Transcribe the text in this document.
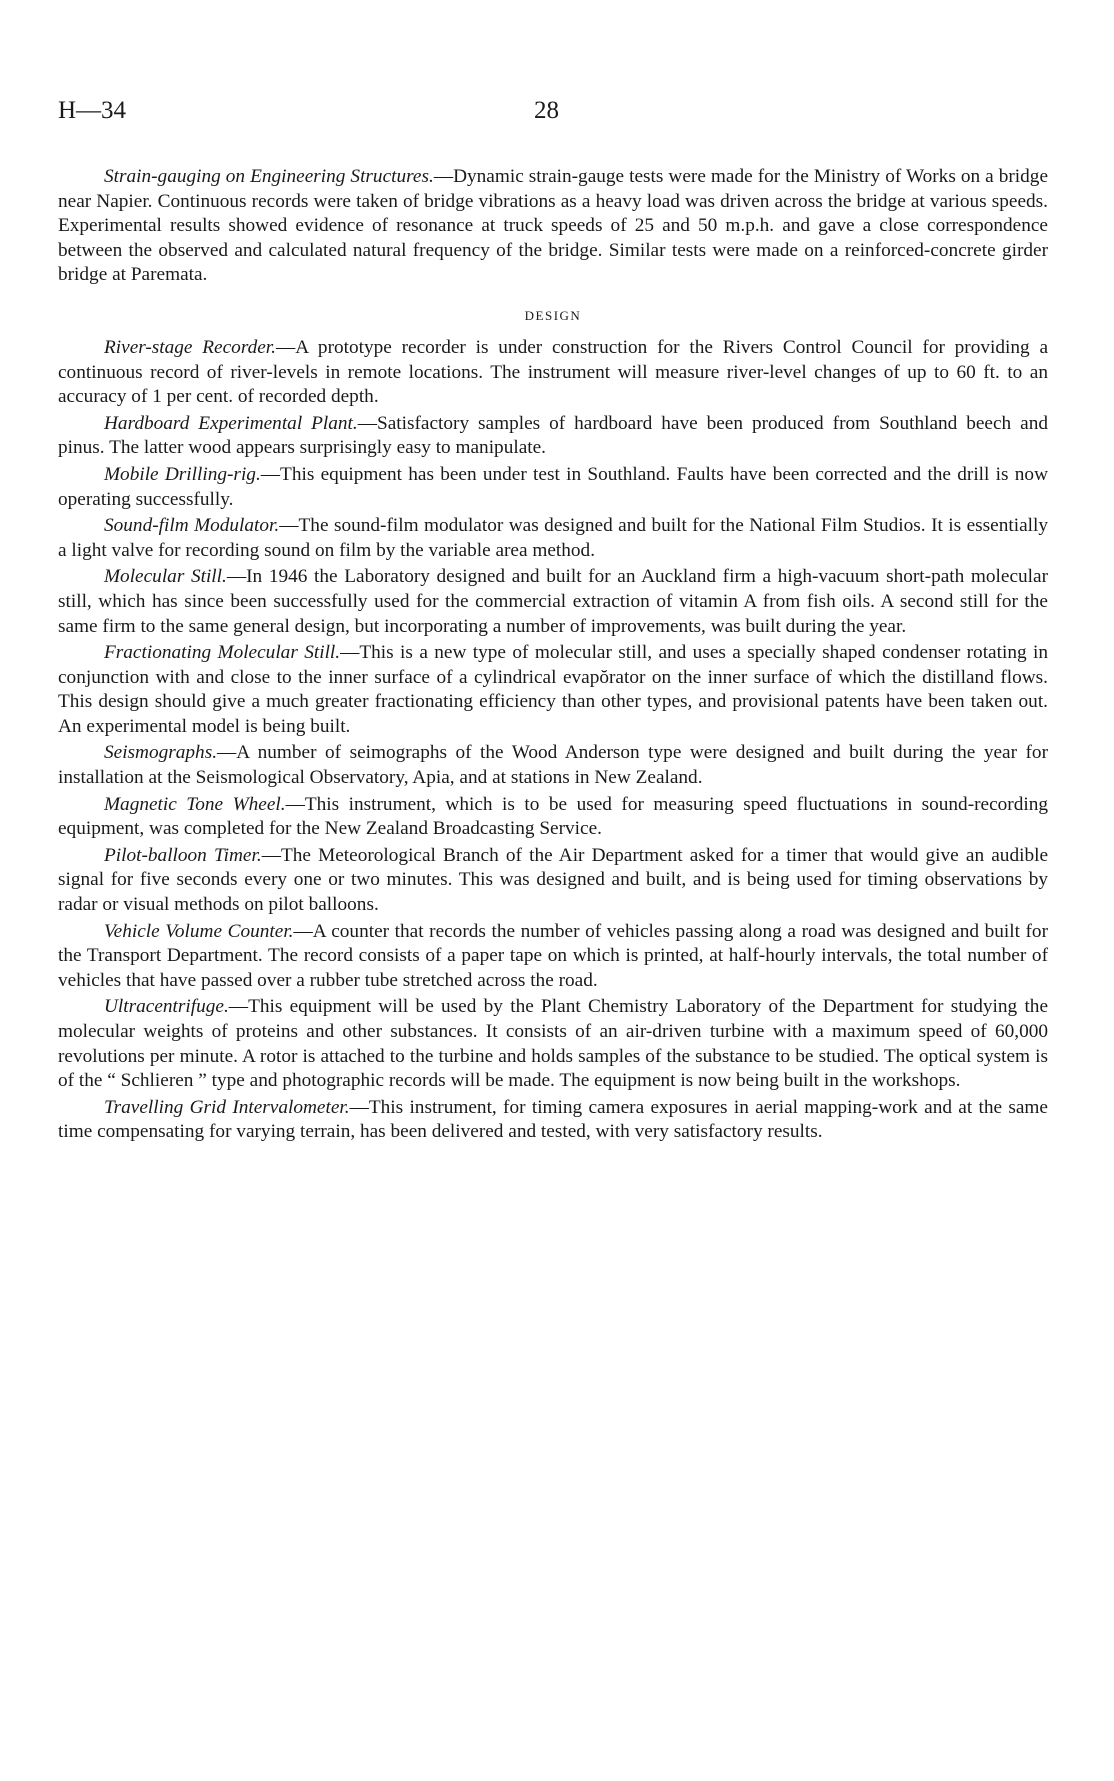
H—34	28

Strain-gauging on Engineering Structures.—Dynamic strain-gauge tests were made for the Ministry of Works on a bridge near Napier. Continuous records were taken of bridge vibrations as a heavy load was driven across the bridge at various speeds. Experimental results showed evidence of resonance at truck speeds of 25 and 50 m.p.h. and gave a close correspondence between the observed and calculated natural frequency of the bridge. Similar tests were made on a reinforced-concrete girder bridge at Paremata.

DESIGN

River-stage Recorder.—A prototype recorder is under construction for the Rivers Control Council for providing a continuous record of river-levels in remote locations. The instrument will measure river-level changes of up to 60 ft. to an accuracy of 1 per cent. of recorded depth.

Hardboard Experimental Plant.—Satisfactory samples of hardboard have been produced from Southland beech and pinus. The latter wood appears surprisingly easy to manipulate.

Mobile Drilling-rig.—This equipment has been under test in Southland. Faults have been corrected and the drill is now operating successfully.

Sound-film Modulator.—The sound-film modulator was designed and built for the National Film Studios. It is essentially a light valve for recording sound on film by the variable area method.

Molecular Still.—In 1946 the Laboratory designed and built for an Auckland firm a high-vacuum short-path molecular still, which has since been successfully used for the commercial extraction of vitamin A from fish oils. A second still for the same firm to the same general design, but incorporating a number of improvements, was built during the year.

Fractionating Molecular Still.—This is a new type of molecular still, and uses a specially shaped condenser rotating in conjunction with and close to the inner surface of a cylindrical evapŏrator on the inner surface of which the distilland flows. This design should give a much greater fractionating efficiency than other types, and provisional patents have been taken out. An experimental model is being built.

Seismographs.—A number of seimographs of the Wood Anderson type were designed and built during the year for installation at the Seismological Observatory, Apia, and at stations in New Zealand.

Magnetic Tone Wheel.—This instrument, which is to be used for measuring speed fluctuations in sound-recording equipment, was completed for the New Zealand Broadcasting Service.

Pilot-balloon Timer.—The Meteorological Branch of the Air Department asked for a timer that would give an audible signal for five seconds every one or two minutes. This was designed and built, and is being used for timing observations by radar or visual methods on pilot balloons.

Vehicle Volume Counter.—A counter that records the number of vehicles passing along a road was designed and built for the Transport Department. The record consists of a paper tape on which is printed, at half-hourly intervals, the total number of vehicles that have passed over a rubber tube stretched across the road.

Ultracentrifuge.—This equipment will be used by the Plant Chemistry Laboratory of the Department for studying the molecular weights of proteins and other substances. It consists of an air-driven turbine with a maximum speed of 60,000 revolutions per minute. A rotor is attached to the turbine and holds samples of the substance to be studied. The optical system is of the “ Schlieren ” type and photographic records will be made. The equipment is now being built in the workshops.

Travelling Grid Intervalometer.—This instrument, for timing camera exposures in aerial mapping-work and at the same time compensating for varying terrain, has been delivered and tested, with very satisfactory results.
